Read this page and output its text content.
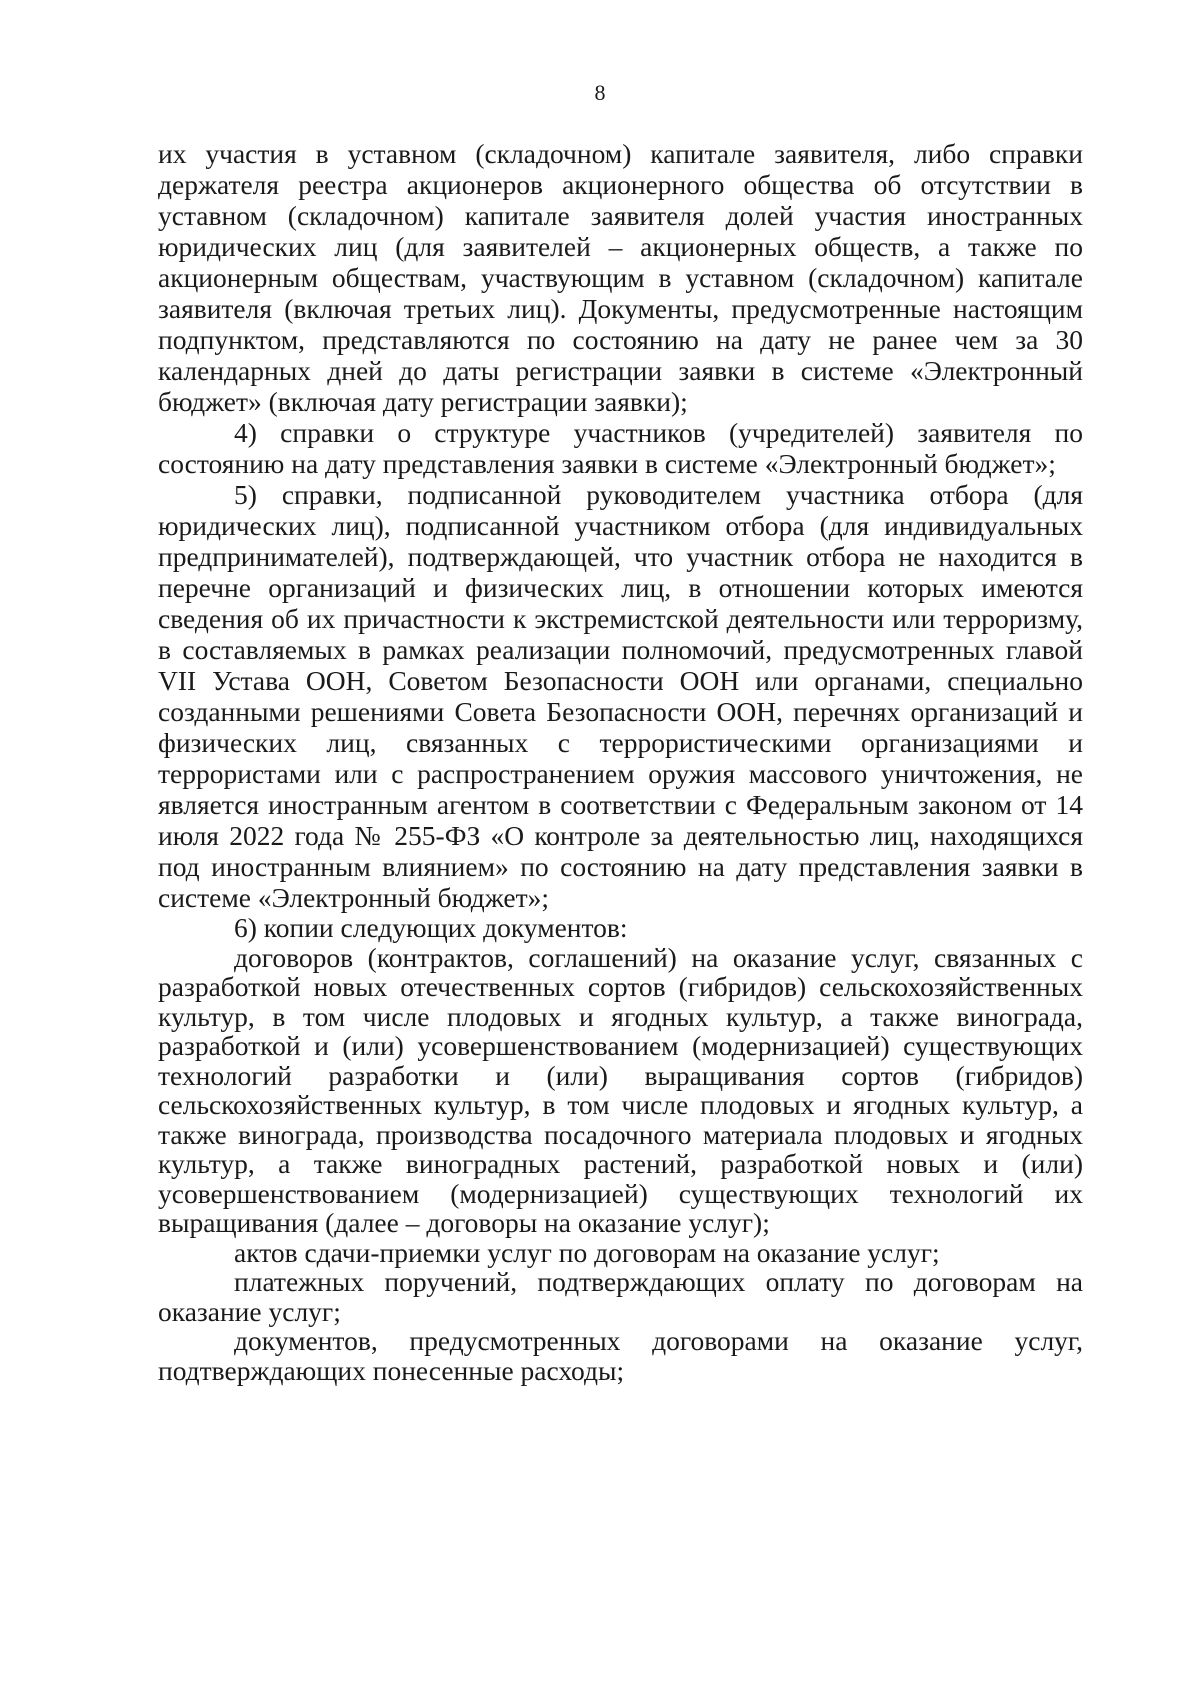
8

их участия в уставном (складочном) капитале заявителя, либо справки держателя реестра акционеров акционерного общества об отсутствии в уставном (складочном) капитале заявителя долей участия иностранных юридических лиц (для заявителей – акционерных обществ, а также по акционерным обществам, участвующим в уставном (складочном) капитале заявителя (включая третьих лиц). Документы, предусмотренные настоящим подпунктом, представляются по состоянию на дату не ранее чем за 30 календарных дней до даты регистрации заявки в системе «Электронный бюджет» (включая дату регистрации заявки);

4) справки о структуре участников (учредителей) заявителя по состоянию на дату представления заявки в системе «Электронный бюджет»;

5) справки, подписанной руководителем участника отбора (для юридических лиц), подписанной участником отбора (для индивидуальных предпринимателей), подтверждающей, что участник отбора не находится в перечне организаций и физических лиц, в отношении которых имеются сведения об их причастности к экстремистской деятельности или терроризму, в составляемых в рамках реализации полномочий, предусмотренных главой VII Устава ООН, Советом Безопасности ООН или органами, специально созданными решениями Совета Безопасности ООН, перечнях организаций и физических лиц, связанных с террористическими организациями и террористами или с распространением оружия массового уничтожения, не является иностранным агентом в соответствии с Федеральным законом от 14 июля 2022 года № 255-ФЗ «О контроле за деятельностью лиц, находящихся под иностранным влиянием» по состоянию на дату представления заявки в системе «Электронный бюджет»;

6) копии следующих документов:

договоров (контрактов, соглашений) на оказание услуг, связанных с разработкой новых отечественных сортов (гибридов) сельскохозяйственных культур, в том числе плодовых и ягодных культур, а также винограда, разработкой и (или) усовершенствованием (модернизацией) существующих технологий разработки и (или) выращивания сортов (гибридов) сельскохозяйственных культур, в том числе плодовых и ягодных культур, а также винограда, производства посадочного материала плодовых и ягодных культур, а также виноградных растений, разработкой новых и (или) усовершенствованием (модернизацией) существующих технологий их выращивания (далее – договоры на оказание услуг);

актов сдачи-приемки услуг по договорам на оказание услуг;

платежных поручений, подтверждающих оплату по договорам на оказание услуг;

документов, предусмотренных договорами на оказание услуг, подтверждающих понесенные расходы;
